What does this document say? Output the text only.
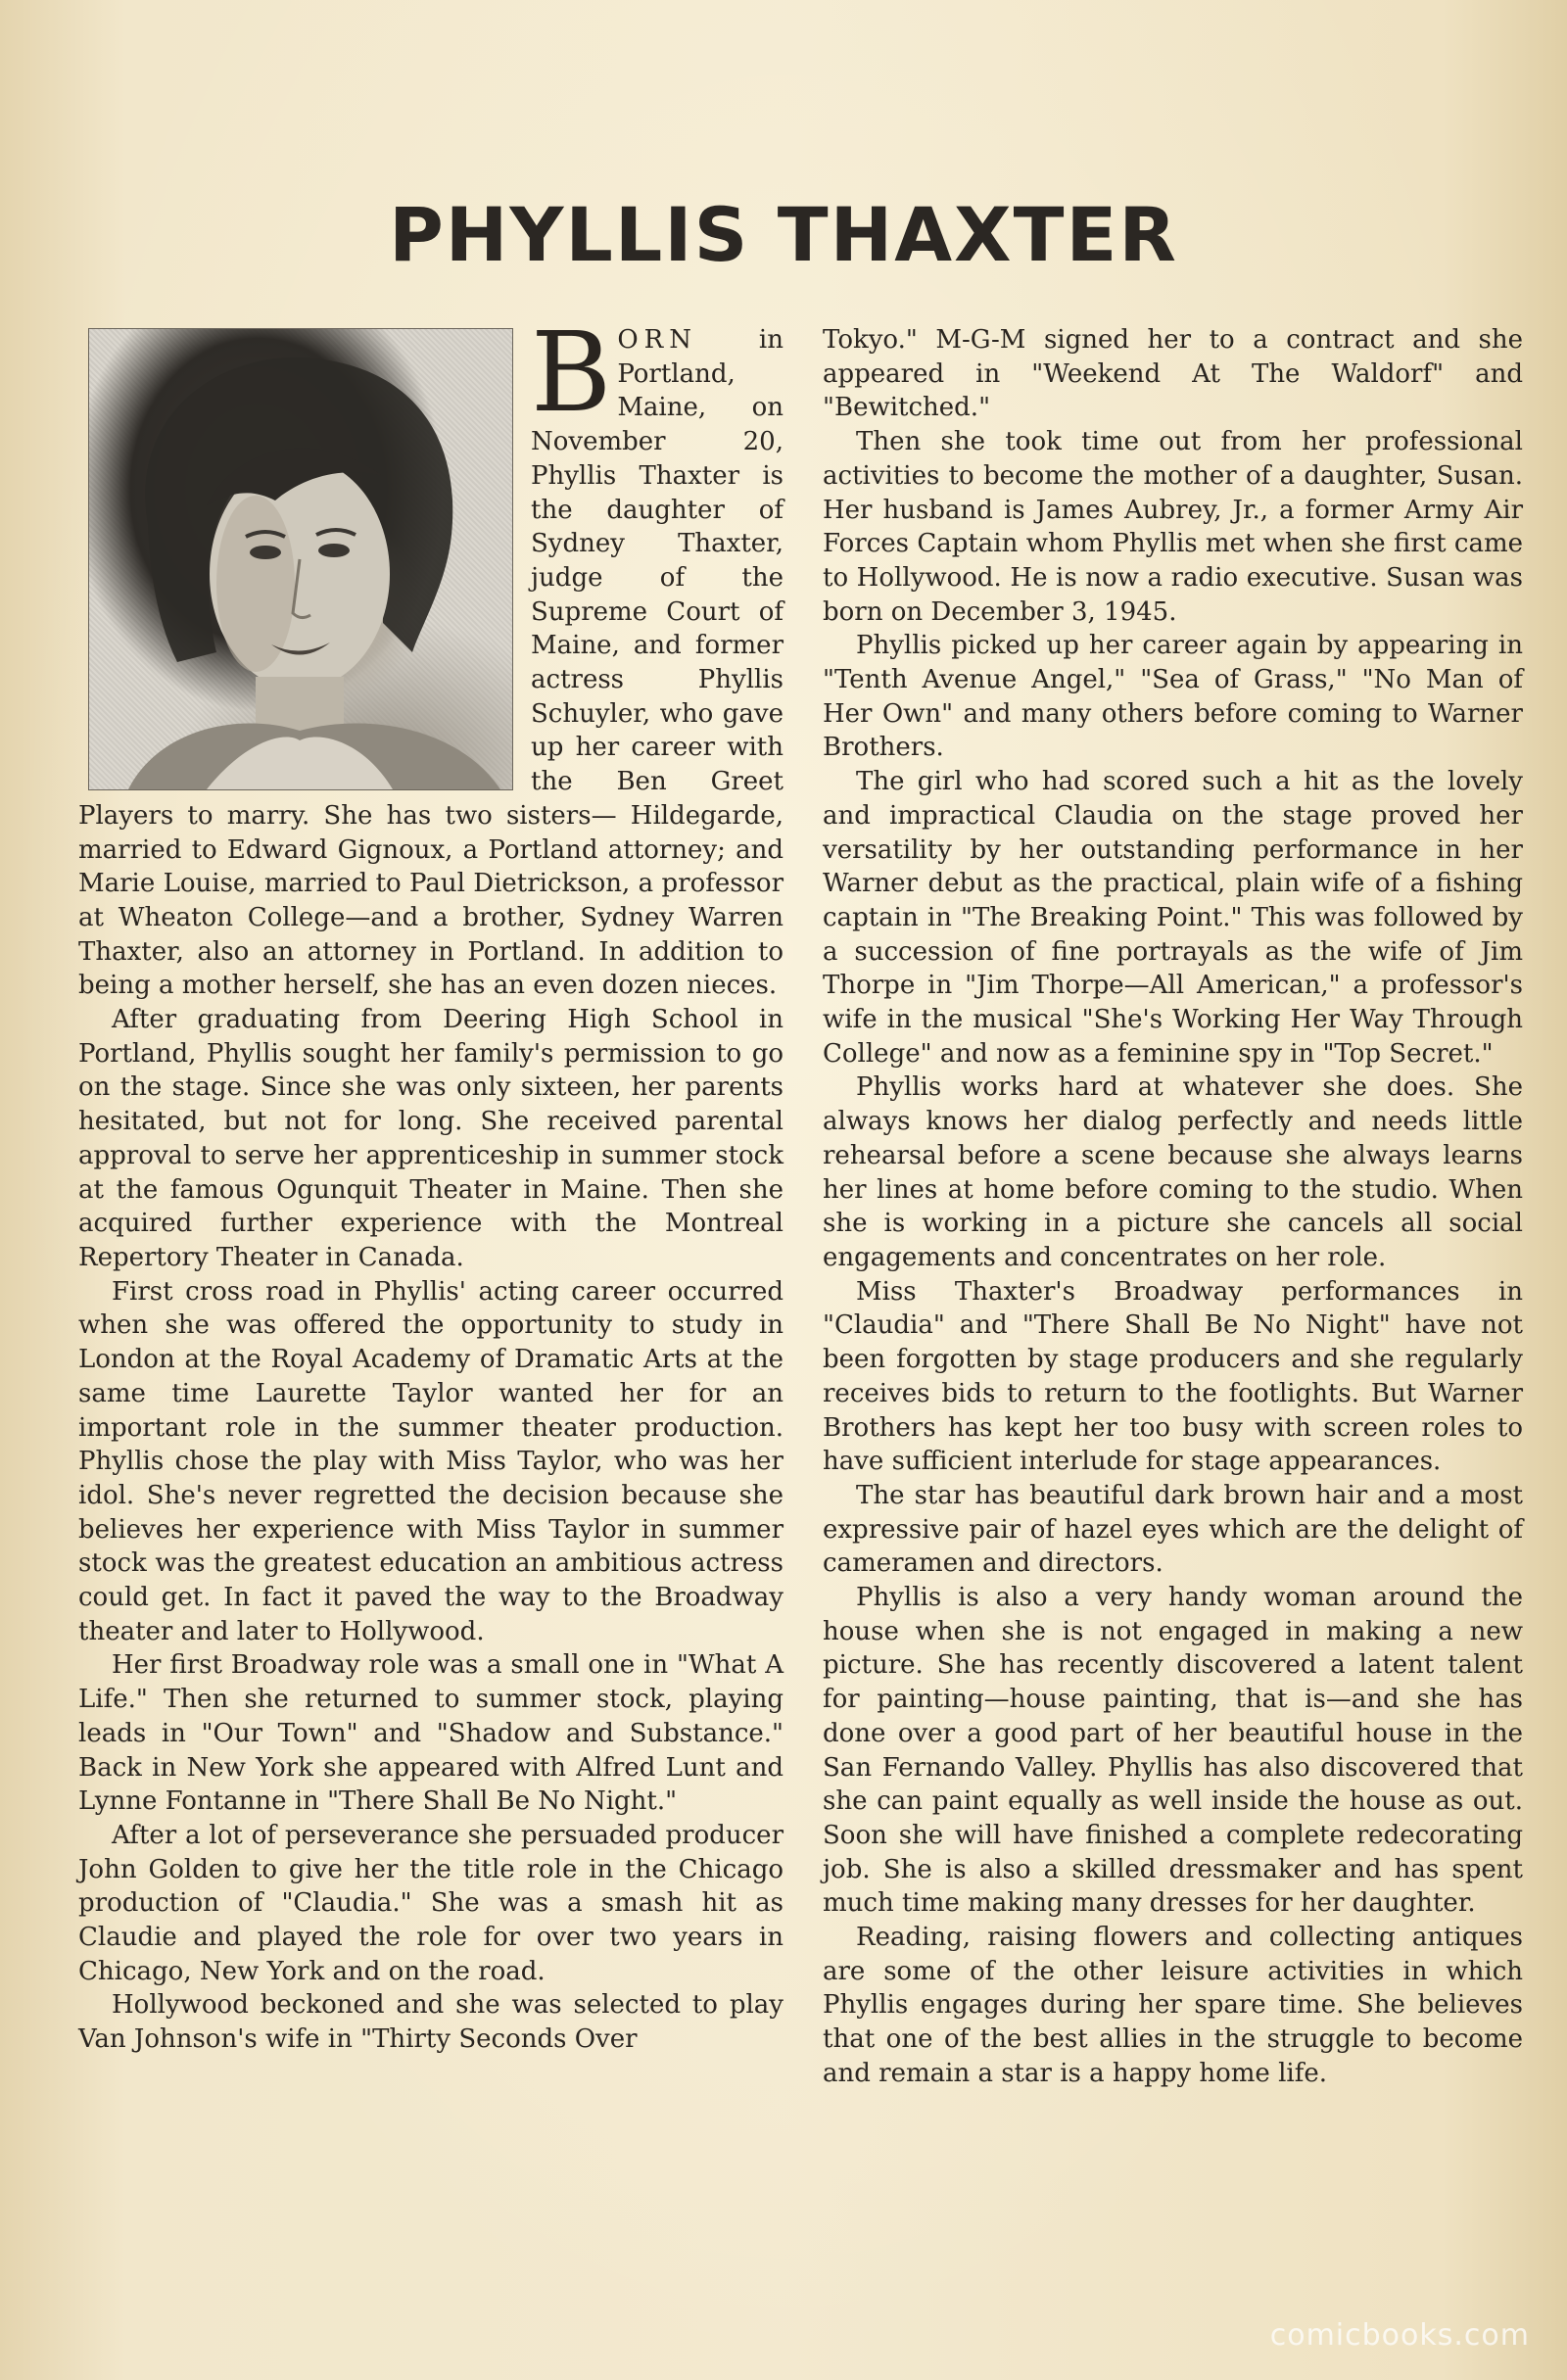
PHYLLIS THAXTER

BORN in Portland, Maine, on November 20, Phyllis Thaxter is the daughter of Sydney Thaxter, judge of the Supreme Court of Maine, and former actress Phyllis Schuyler, who gave up her career with the Ben Greet Players to marry. She has two sisters— Hildegarde, married to Edward Gignoux, a Portland attorney; and Marie Louise, married to Paul Dietrickson, a professor at Wheaton College—and a brother, Sydney Warren Thaxter, also an attorney in Portland. In addition to being a mother herself, she has an even dozen nieces.

After graduating from Deering High School in Portland, Phyllis sought her family's permission to go on the stage. Since she was only sixteen, her parents hesitated, but not for long. She received parental approval to serve her apprenticeship in summer stock at the famous Ogunquit Theater in Maine. Then she acquired further experience with the Montreal Repertory Theater in Canada.

First cross road in Phyllis' acting career occurred when she was offered the opportunity to study in London at the Royal Academy of Dramatic Arts at the same time Laurette Taylor wanted her for an important role in the summer theater production. Phyllis chose the play with Miss Taylor, who was her idol. She's never regretted the decision because she believes her experience with Miss Taylor in summer stock was the greatest education an ambitious actress could get. In fact it paved the way to the Broadway theater and later to Hollywood.

Her first Broadway role was a small one in "What A Life." Then she returned to summer stock, playing leads in "Our Town" and "Shadow and Substance." Back in New York she appeared with Alfred Lunt and Lynne Fontanne in "There Shall Be No Night."

After a lot of perseverance she persuaded producer John Golden to give her the title role in the Chicago production of "Claudia." She was a smash hit as Claudie and played the role for over two years in Chicago, New York and on the road.

Hollywood beckoned and she was selected to play Van Johnson's wife in "Thirty Seconds Over

Tokyo." M-G-M signed her to a contract and she appeared in "Weekend At The Waldorf" and "Bewitched."

Then she took time out from her professional activities to become the mother of a daughter, Susan. Her husband is James Aubrey, Jr., a former Army Air Forces Captain whom Phyllis met when she first came to Hollywood. He is now a radio executive. Susan was born on December 3, 1945.

Phyllis picked up her career again by appearing in "Tenth Avenue Angel," "Sea of Grass," "No Man of Her Own" and many others before coming to Warner Brothers.

The girl who had scored such a hit as the lovely and impractical Claudia on the stage proved her versatility by her outstanding performance in her Warner debut as the practical, plain wife of a fishing captain in "The Breaking Point." This was followed by a succession of fine portrayals as the wife of Jim Thorpe in "Jim Thorpe—All American," a professor's wife in the musical "She's Working Her Way Through College" and now as a feminine spy in "Top Secret."

Phyllis works hard at whatever she does. She always knows her dialog perfectly and needs little rehearsal before a scene because she always learns her lines at home before coming to the studio. When she is working in a picture she cancels all social engagements and concentrates on her role.

Miss Thaxter's Broadway performances in "Claudia" and "There Shall Be No Night" have not been forgotten by stage producers and she regularly receives bids to return to the footlights. But Warner Brothers has kept her too busy with screen roles to have sufficient interlude for stage appearances.

The star has beautiful dark brown hair and a most expressive pair of hazel eyes which are the delight of cameramen and directors.

Phyllis is also a very handy woman around the house when she is not engaged in making a new picture. She has recently discovered a latent talent for painting—house painting, that is—and she has done over a good part of her beautiful house in the San Fernando Valley. Phyllis has also discovered that she can paint equally as well inside the house as out. Soon she will have finished a complete redecorating job. She is also a skilled dressmaker and has spent much time making many dresses for her daughter.

Reading, raising flowers and collecting antiques are some of the other leisure activities in which Phyllis engages during her spare time. She believes that one of the best allies in the struggle to become and remain a star is a happy home life.

comicbooks.com
